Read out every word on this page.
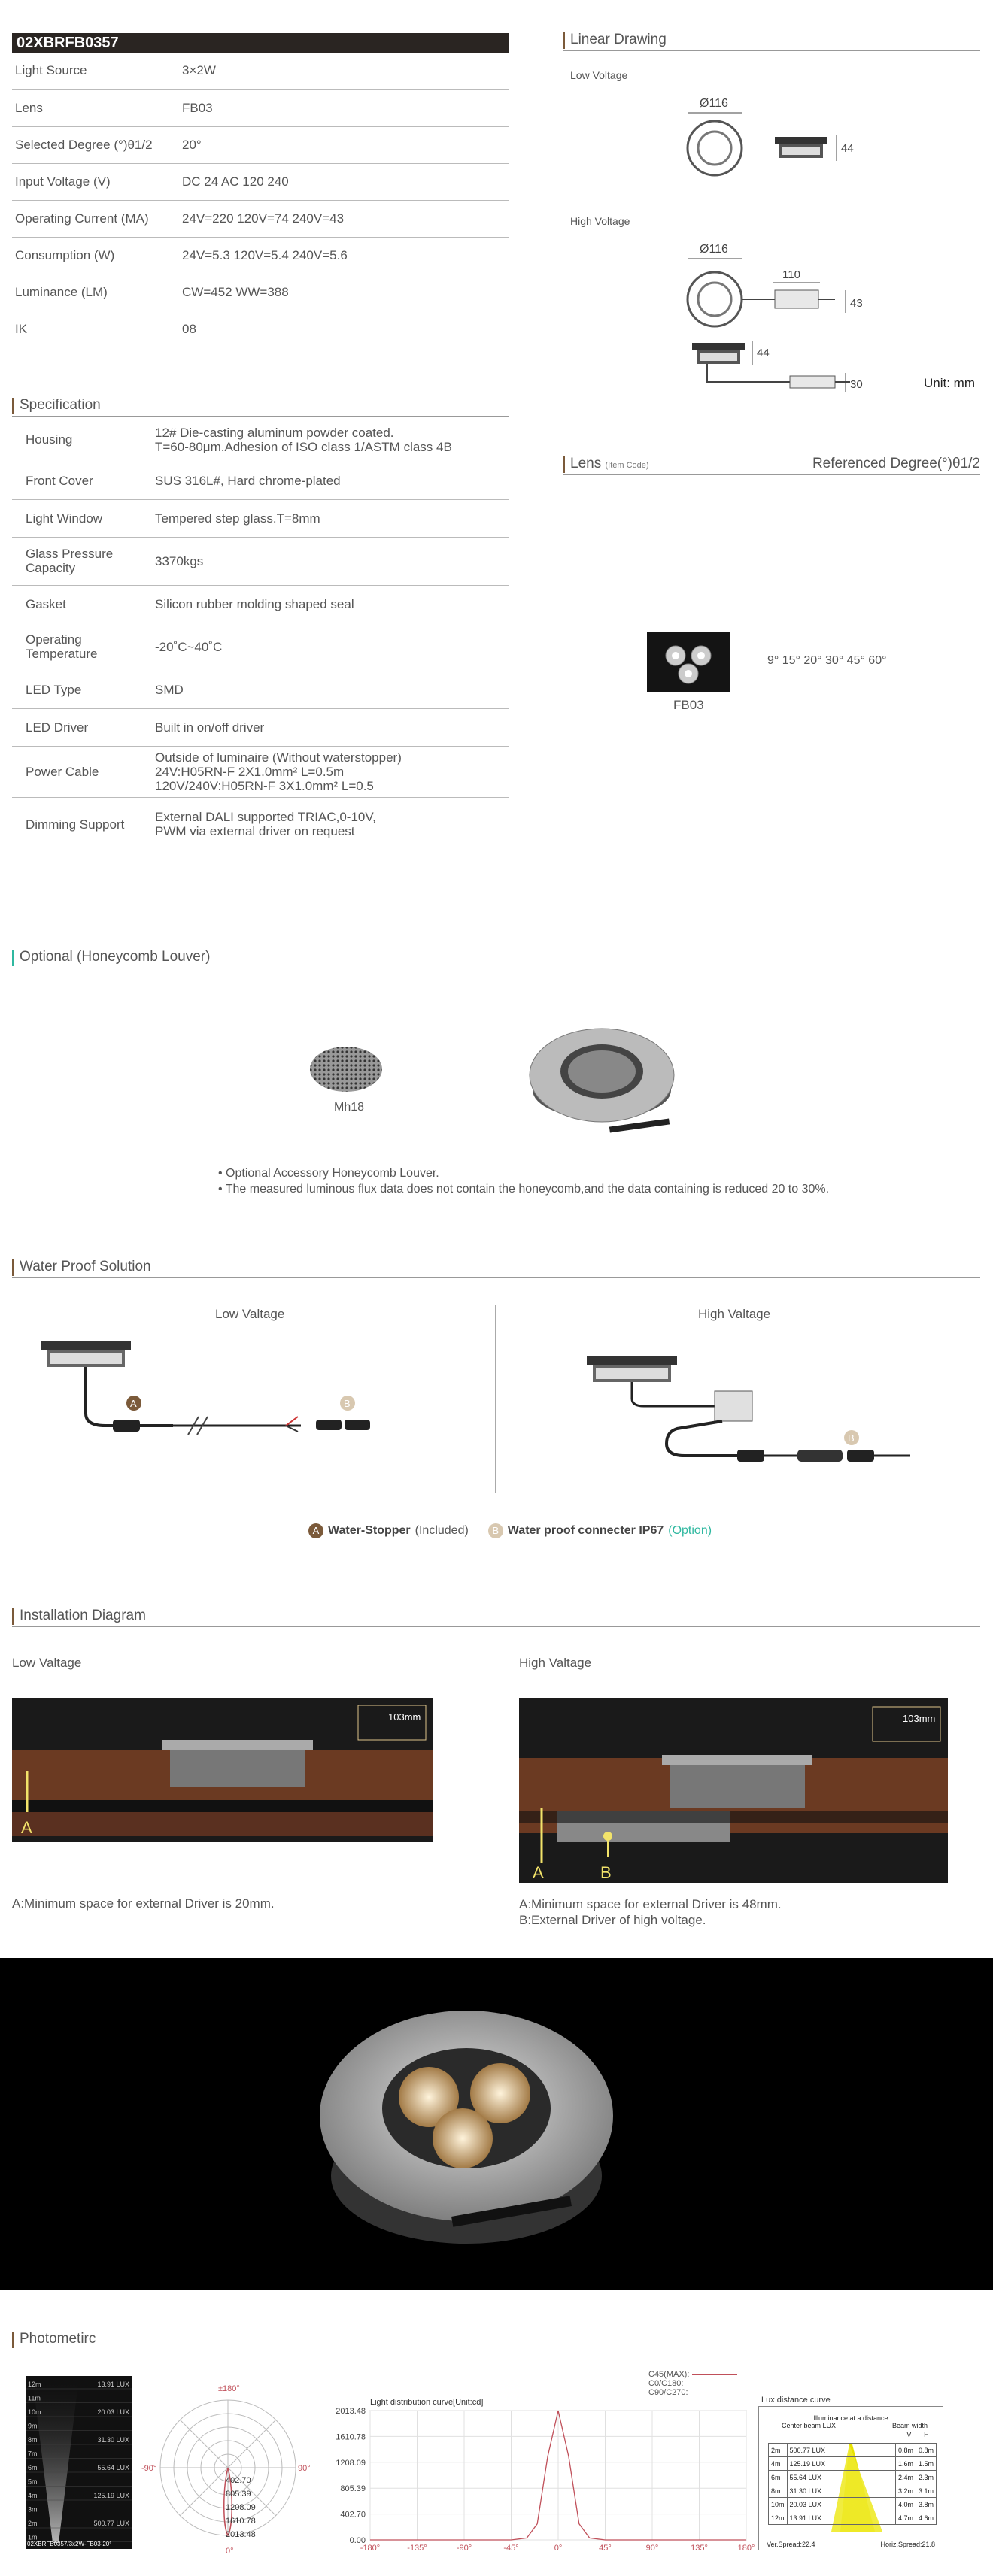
02XBRFB0357
Light Source	3×2W
Lens	FB03
Selected Degree (°)θ1/2	20°
Input Voltage (V)	DC 24 AC 120 240
Operating Current (MA)	24V=220 120V=74 240V=43
Consumption (W)	24V=5.3 120V=5.4 240V=5.6
Luminance (LM)	CW=452 WW=388
IK	08
Specification
Housing	12# Die-casting aluminum powder coated.
T=60-80μm.Adhesion of ISO class 1/ASTM class 4B

Front Cover	SUS 316L#, Hard chrome-plated

Light Window	Tempered step glass.T=8mm

Glass Pressure Capacity	3370kgs

Gasket	Silicon rubber molding shaped seal

Operating Temperature	-20˚C~40˚C

LED Type	SMD

LED Driver	Built in on/off driver

Power Cable	Outside of luminaire (Without waterstopper)
24V:H05RN-F 2X1.0mm² L=0.5m
120V/240V:H05RN-F 3X1.0mm² L=0.5

Dimming Support	External DALI supported TRIAC,0-10V,
PWM via external driver on request
Linear Drawing
Low Voltage
Ø116
44
High Voltage
Ø116
110
43
44
30	Unit: mm
Lens (Item Code)	Referenced Degree(°)θ1/2
FB03
9° 15° 20° 30° 45° 60°
Optional (Honeycomb Louver)
Mh18
• Optional Accessory Honeycomb Louver.
• The measured luminous flux data does not contain the honeycomb,and the data containing is reduced 20 to 30%.
Water Proof Solution
Low Valtage	High Valtage
A	B
B
A Water-Stopper (Included)	B Water proof connecter IP67 (Option)
Installation Diagram
Low Valtage	High Valtage
103mm
A
103mm
A	B
A:Minimum space for external Driver is 20mm.	A:Minimum space for external Driver is 48mm.
B:External Driver of high voltage.
Photometirc
12m
11m
10m
9m
8m
7m
6m
5m
4m
3m
2m
1m
13.91 LUX
20.03 LUX
31.30 LUX
55.64 LUX
125.19 LUX
500.77 LUX
02XBRFB0357/3x2W-FB03-20°
±180°
-90°	90°
0°
402.70
805.39
1208.09
1610.78
2013.48
C45(MAX):
C0/C180:
C90/C270:
Light distribution curve[Unit:cd]
0.00
402.70
805.39
1208.09
1610.78
2013.48
-180°	-135°	-90°	-45°	0°	45°	90°	135°	180°
Lux distance curve
Illuminance at a distance
Center beam LUX	Beam width
V H
2m	500.77 LUX		0.8m	0.8m
4m	125.19 LUX		1.6m	1.5m
6m	55.64 LUX		2.4m	2.3m
8m	31.30 LUX		3.2m	3.1m
10m	20.03 LUX		4.0m	3.8m
12m	13.91 LUX		4.7m	4.6m
Ver.Spread:22.4	Horiz.Spread:21.8
